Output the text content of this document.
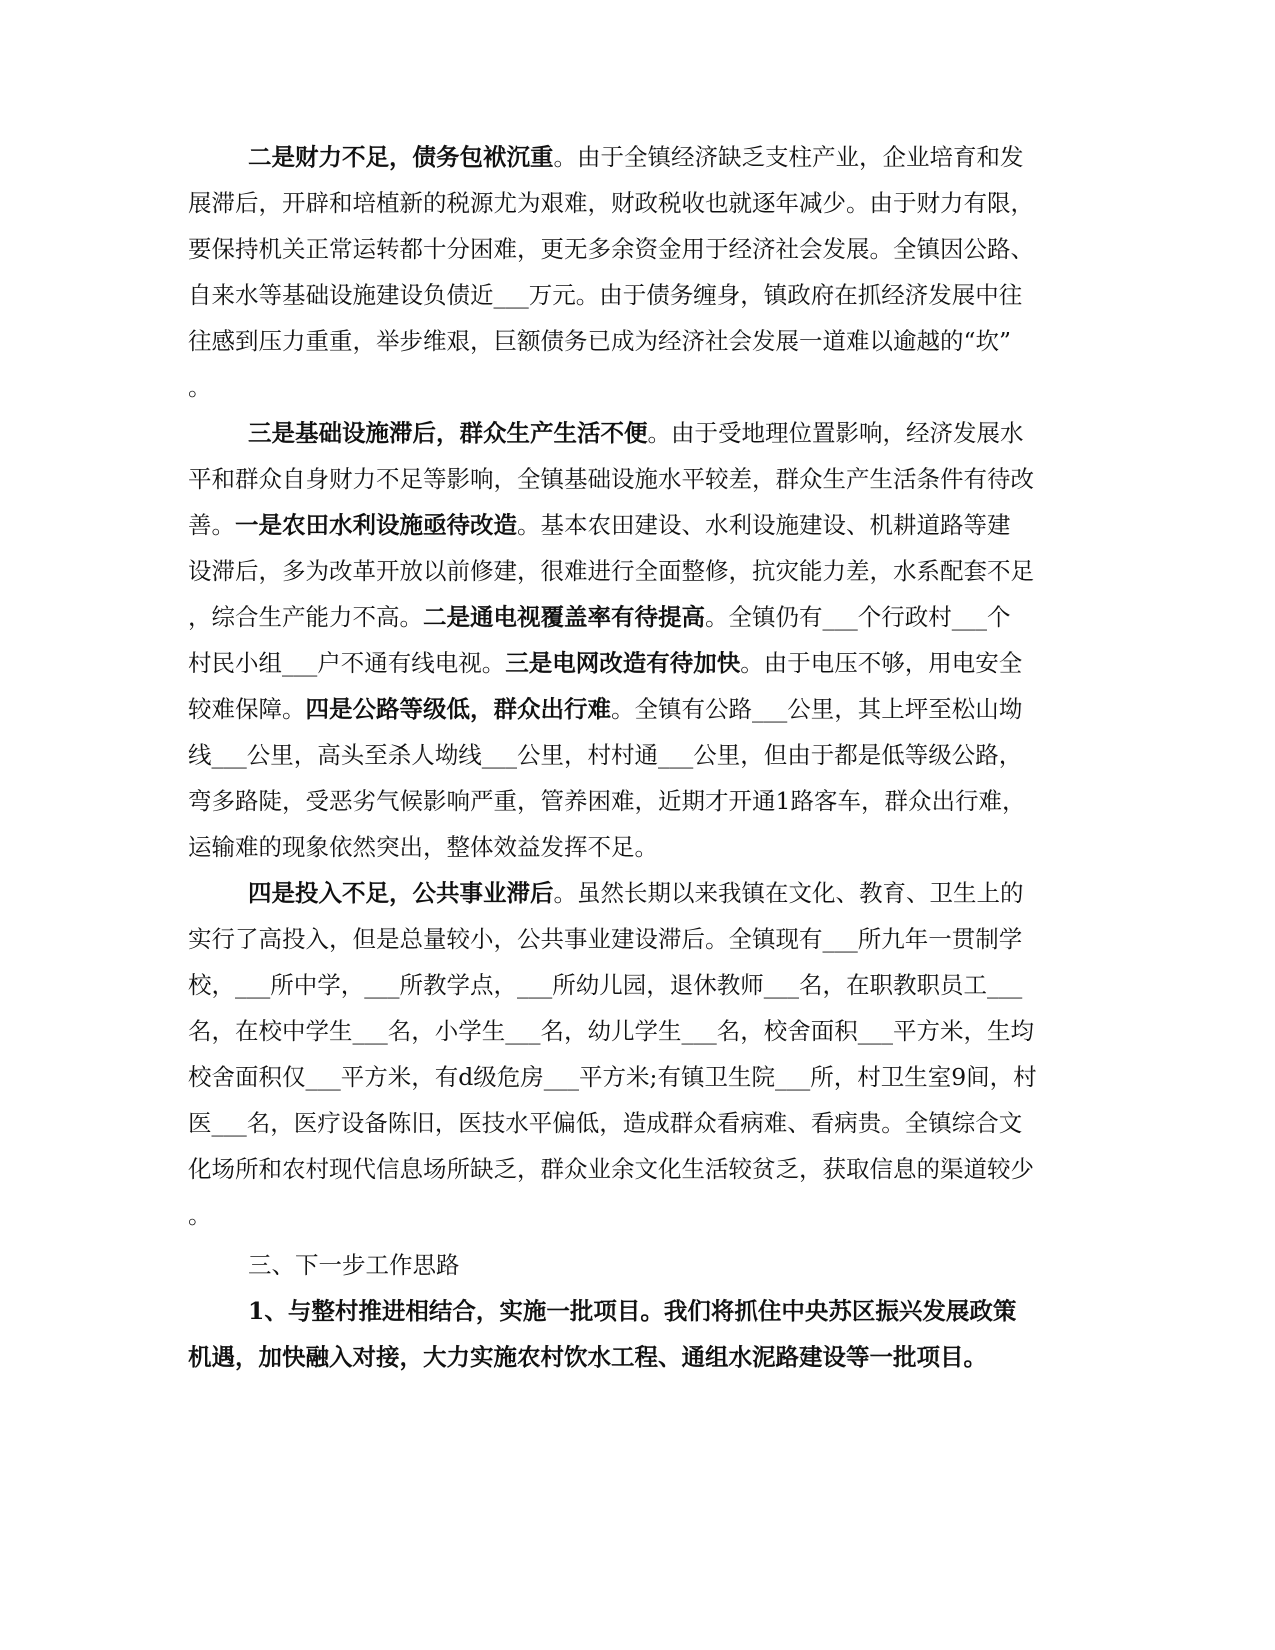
二是财力不足，债务包袱沉重。由于全镇经济缺乏支柱产业，企业培育和发
展滞后，开辟和培植新的税源尤为艰难，财政税收也就逐年减少。由于财力有限，
要保持机关正常运转都十分困难，更无多余资金用于经济社会发展。全镇因公路、
自来水等基础设施建设负债近___万元。由于债务缠身，镇政府在抓经济发展中往
往感到压力重重，举步维艰，巨额债务已成为经济社会发展一道难以逾越的“坎”
。
三是基础设施滞后，群众生产生活不便。由于受地理位置影响，经济发展水
平和群众自身财力不足等影响，全镇基础设施水平较差，群众生产生活条件有待改
善。一是农田水利设施亟待改造。基本农田建设、水利设施建设、机耕道路等建
设滞后，多为改革开放以前修建，很难进行全面整修，抗灾能力差，水系配套不足
，综合生产能力不高。二是通电视覆盖率有待提高。全镇仍有___个行政村___个
村民小组___户不通有线电视。三是电网改造有待加快。由于电压不够，用电安全
较难保障。四是公路等级低，群众出行难。全镇有公路___公里，其上坪至松山坳
线___公里，高头至杀人坳线___公里，村村通___公里，但由于都是低等级公路，
弯多路陡，受恶劣气候影响严重，管养困难，近期才开通1路客车，群众出行难，
运输难的现象依然突出，整体效益发挥不足。
四是投入不足，公共事业滞后。虽然长期以来我镇在文化、教育、卫生上的
实行了高投入，但是总量较小，公共事业建设滞后。全镇现有___所九年一贯制学
校，___所中学，___所教学点，___所幼儿园，退休教师___名，在职教职员工___
名，在校中学生___名，小学生___名，幼儿学生___名，校舍面积___平方米，生均
校舍面积仅___平方米，有d级危房___平方米;有镇卫生院___所，村卫生室9间，村
医___名，医疗设备陈旧，医技水平偏低，造成群众看病难、看病贵。全镇综合文
化场所和农村现代信息场所缺乏，群众业余文化生活较贫乏，获取信息的渠道较少
。
三、下一步工作思路
1、与整村推进相结合，实施一批项目。我们将抓住中央苏区振兴发展政策
机遇，加快融入对接，大力实施农村饮水工程、通组水泥路建设等一批项目。
